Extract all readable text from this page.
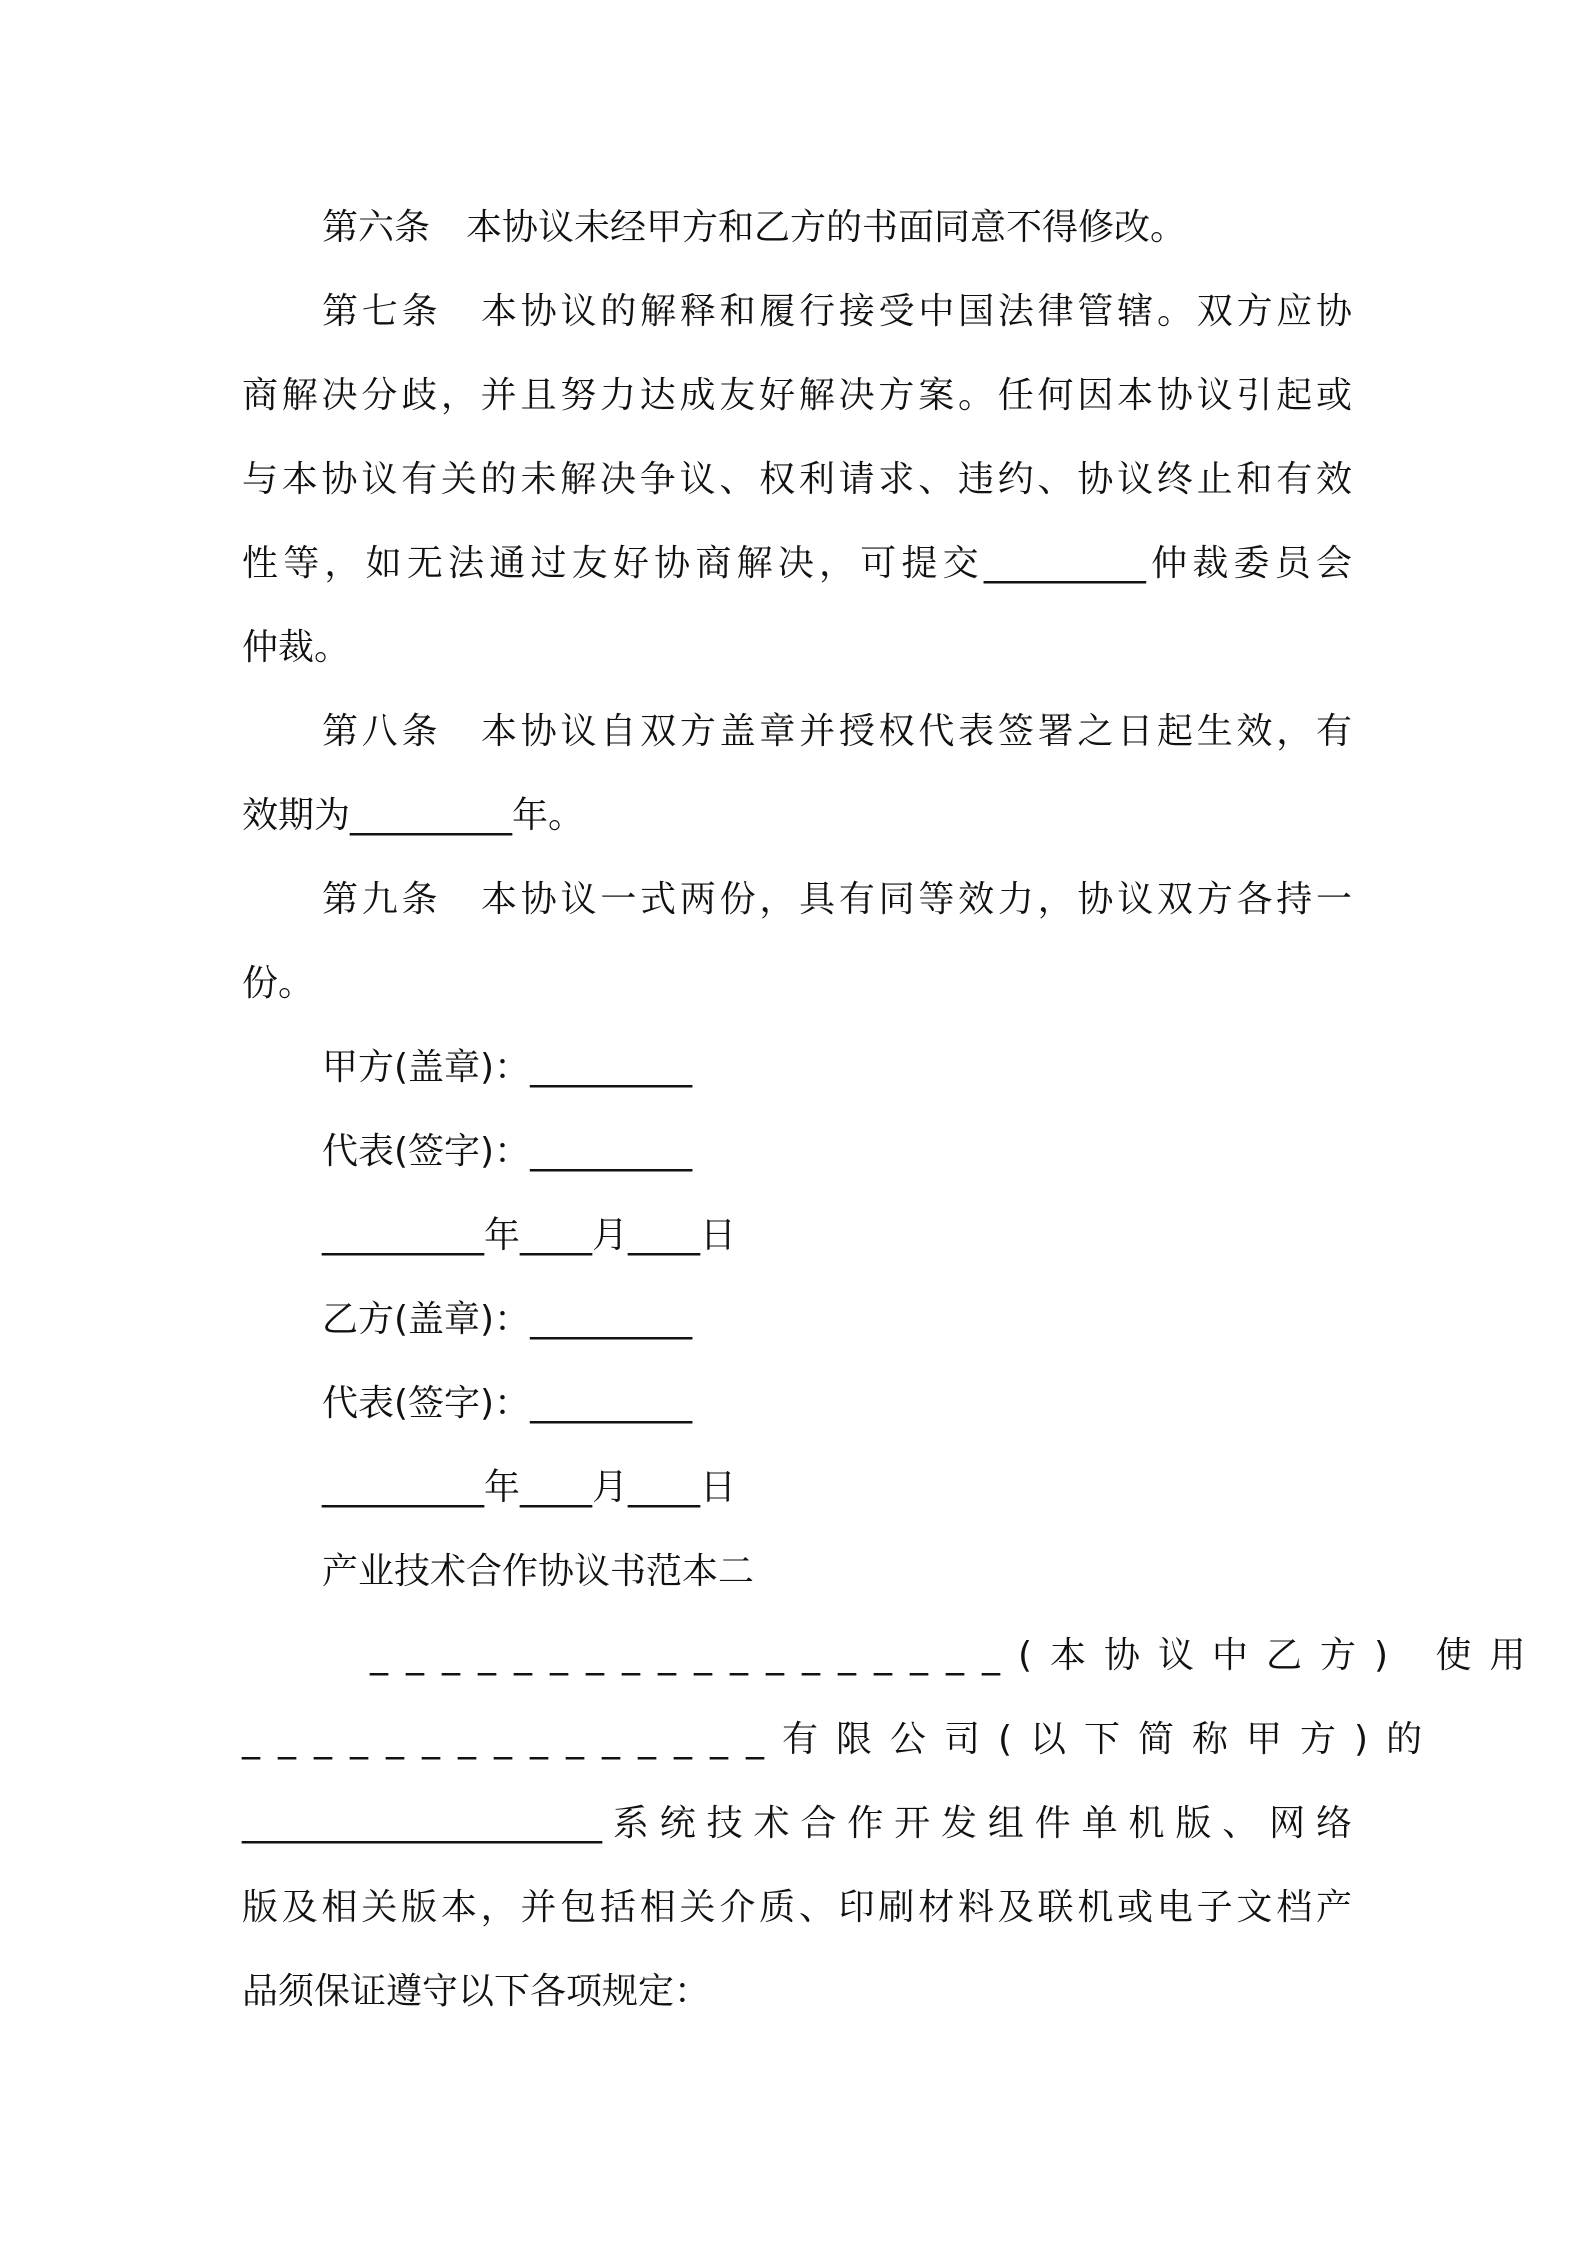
第六条　本协议未经甲方和乙方的书面同意不得修改。
第七条　本协议的解释和履行接受中国法律管辖。双方应协
商解决分歧，并且努力达成友好解决方案。任何因本协议引起或
与本协议有关的未解决争议、权利请求、违约、协议终止和有效
性等，如无法通过友好协商解决，可提交_________仲裁委员会
仲裁。
第八条　本协议自双方盖章并授权代表签署之日起生效，有
效期为_________年。
第九条　本协议一式两份，具有同等效力，协议双方各持一
份。
甲方(盖章)：_________
代表(签字)：_________
_________年____月____日
乙方(盖章)：_________
代表(签字)：_________
_________年____月____日
产业技术合作协议书范本二
__________________(本协议中乙方) 使用
_______________有限公司(以下简称甲方)的
____________________系统技术合作开发组件单机版、网络
版及相关版本，并包括相关介质、印刷材料及联机或电子文档产
品须保证遵守以下各项规定：
